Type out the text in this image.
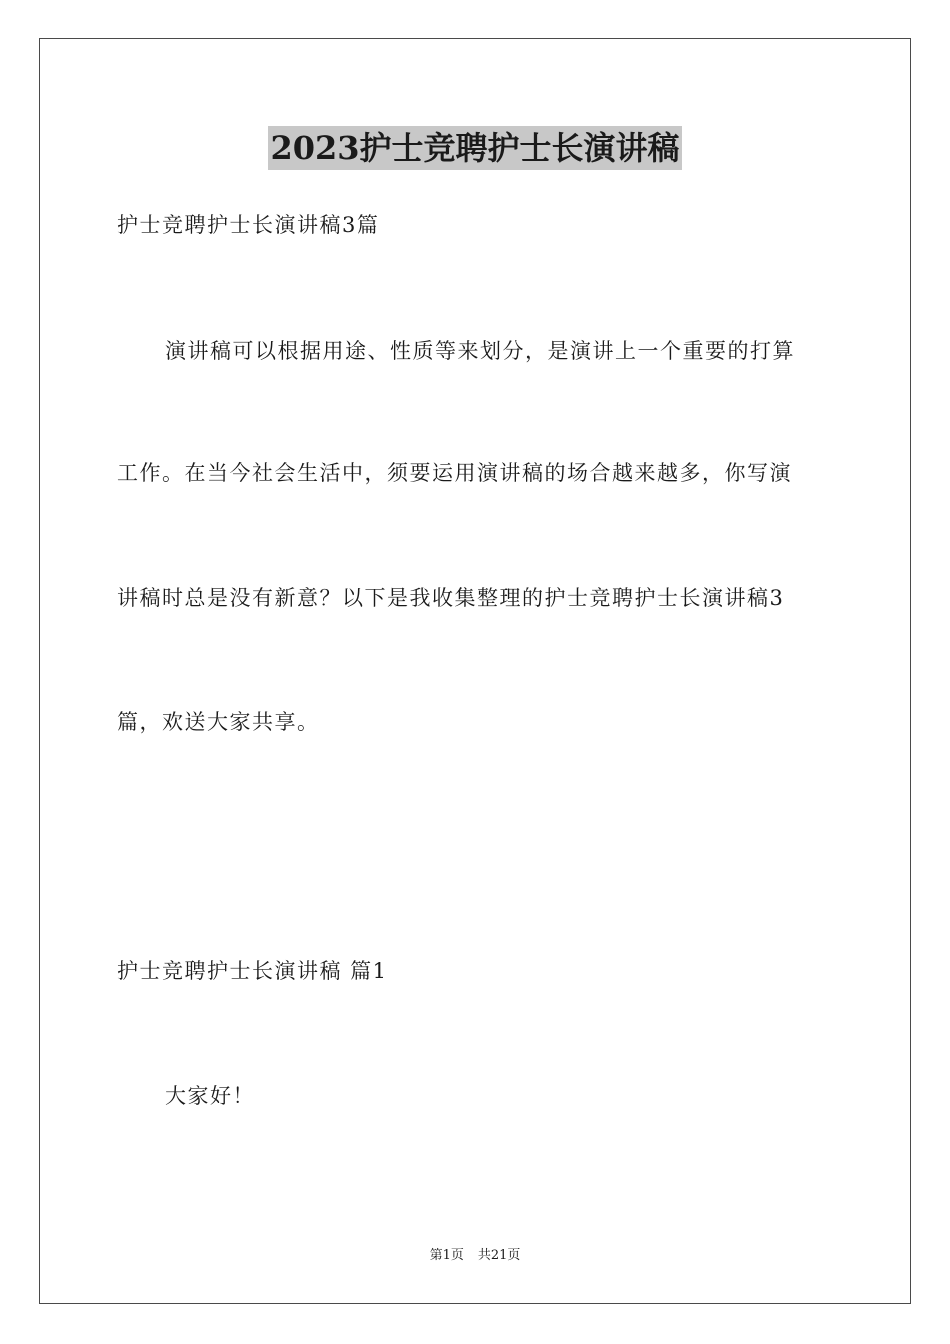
2023护士竞聘护士长演讲稿
护士竞聘护士长演讲稿3篇
演讲稿可以根据用途、性质等来划分，是演讲上一个重要的打算
工作。在当今社会生活中，须要运用演讲稿的场合越来越多，你写演
讲稿时总是没有新意？以下是我收集整理的护士竞聘护士长演讲稿3
篇，欢送大家共享。
护士竞聘护士长演讲稿 篇1
大家好！
第1页 共21页
